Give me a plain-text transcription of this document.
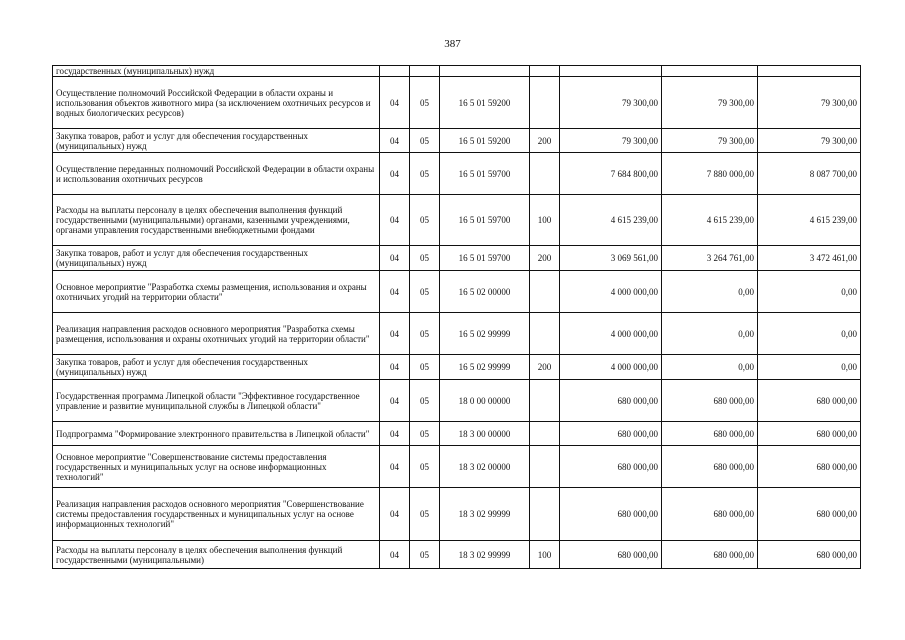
387
государственных (муниципальных) нужд							
Осуществление полномочий Российской Федерации в области охраны и использования объектов животного мира (за исключением охотничьих ресурсов и водных биологических ресурсов)	04	05	16 5 01 59200		79 300,00	79 300,00	79 300,00
Закупка товаров, работ и услуг для обеспечения государственных (муниципальных) нужд	04	05	16 5 01 59200	200	79 300,00	79 300,00	79 300,00
Осуществление переданных полномочий Российской Федерации в области охраны и использования охотничьих ресурсов	04	05	16 5 01 59700		7 684 800,00	7 880 000,00	8 087 700,00
Расходы на выплаты персоналу в целях обеспечения выполнения функций государственными (муниципальными) органами, казенными учреждениями, органами управления государственными внебюджетными фондами	04	05	16 5 01 59700	100	4 615 239,00	4 615 239,00	4 615 239,00
Закупка товаров, работ и услуг для обеспечения государственных (муниципальных) нужд	04	05	16 5 01 59700	200	3 069 561,00	3 264 761,00	3 472 461,00
Основное мероприятие "Разработка схемы размещения, использования и охраны охотничьих угодий на территории области"	04	05	16 5 02 00000		4 000 000,00	0,00	0,00
Реализация направления расходов основного мероприятия "Разработка схемы размещения, использования и охраны охотничьих угодий на территории области"	04	05	16 5 02 99999		4 000 000,00	0,00	0,00
Закупка товаров, работ и услуг для обеспечения государственных (муниципальных) нужд	04	05	16 5 02 99999	200	4 000 000,00	0,00	0,00
Государственная программа Липецкой области "Эффективное государственное управление и развитие муниципальной службы в Липецкой области"	04	05	18 0 00 00000		680 000,00	680 000,00	680 000,00
Подпрограмма "Формирование электронного правительства в Липецкой области"	04	05	18 3 00 00000		680 000,00	680 000,00	680 000,00
Основное мероприятие "Совершенствование системы предоставления государственных и муниципальных услуг на основе информационных технологий"	04	05	18 3 02 00000		680 000,00	680 000,00	680 000,00
Реализация направления расходов основного мероприятия "Совершенствование системы предоставления государственных и муниципальных услуг на основе информационных технологий"	04	05	18 3 02 99999		680 000,00	680 000,00	680 000,00
Расходы на выплаты персоналу в целях обеспечения выполнения функций государственными (муниципальными)	04	05	18 3 02 99999	100	680 000,00	680 000,00	680 000,00
